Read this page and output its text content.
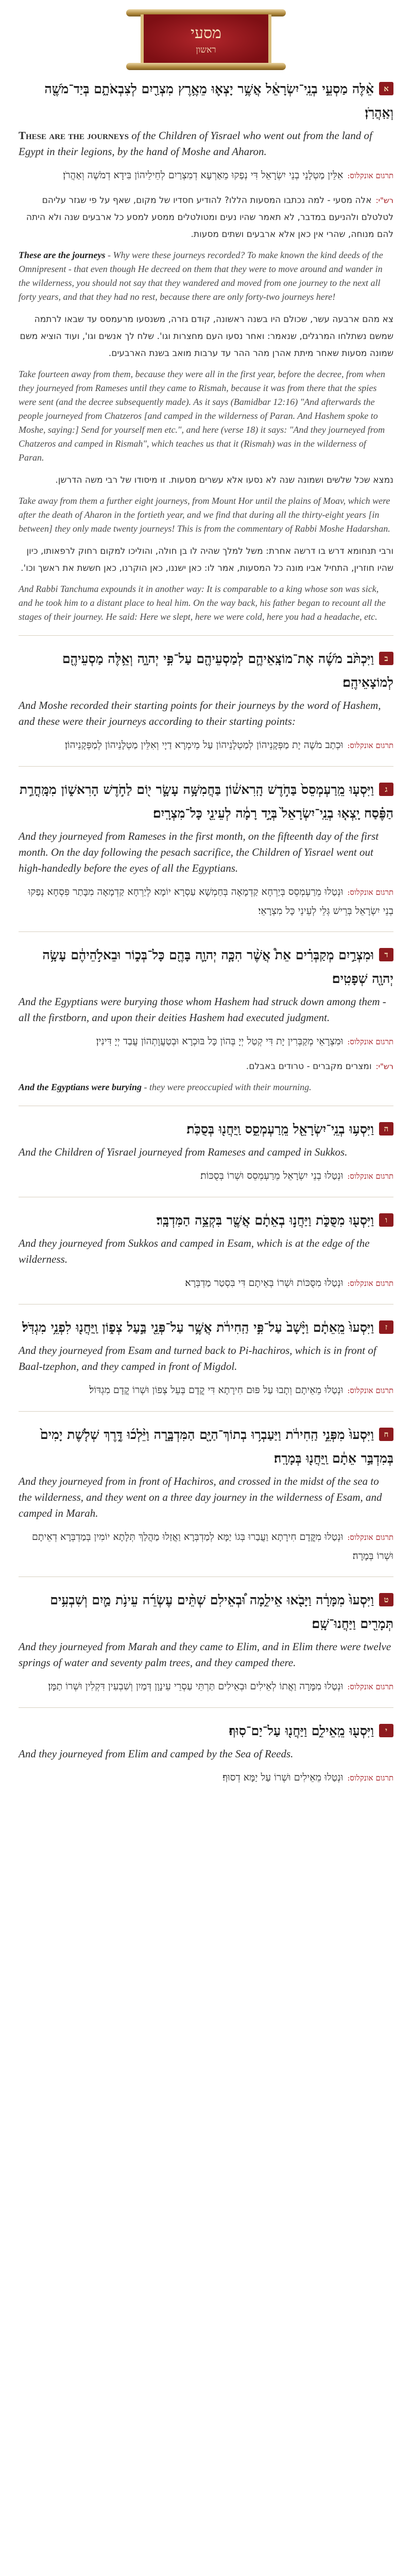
מסעי
ראשון

אאֵ֨לֶּה מַסְעֵ֣י בְנֵֽי־יִשְׂרָאֵ֔ל אֲשֶׁ֥ר יָצְא֛וּ מֵאֶ֥רֶץ מִצְרַ֖יִם לְצִבְאֹתָ֑ם בְּיַד־מֹשֶׁ֖ה וְאַֽהֲרֹֽן׃

These are the journeys of the Children of Yisrael who went out from the land of Egypt in their legions, by the hand of Moshe and Aharon.

תרגום אונקלוס:אִלֵּין מַטְלָנֵי בְנֵי יִשְׂרָאֵל דִּי נְפַקוּ מֵאַרְעָא דְמִצְרַיִם לְחֵילֵיהוֹן בִּידָא דְמֹשֶׁה וְאַהֲרֹן׃

רש"י:אלה מסעי - למה נכתבו המסעות הללו? להודיע חסדיו של מקום, שאף על פי שגזר עליהם לטלטלם ולהניעם במדבר, לא תאמר שהיו נעים ומטולטלים ממסע למסע כל ארבעים שנה ולא היתה להם מנוחה, שהרי אין כאן אלא ארבעים ושתים מסעות.

These are the journeys - Why were these journeys recorded? To make known the kind deeds of the Omnipresent - that even though He decreed on them that they were to move around and wander in the wilderness, you should not say that they wandered and moved from one journey to the next all forty years, and that they had no rest, because there are only forty-two journeys here!

צא מהם ארבעה עשר, שכולם היו בשנה ראשונה, קודם גזרה, משנסעו מרעמסס עד שבאו לרתמה שמשם נשתלחו המרגלים, שנאמר: ואחר נסעו העם מחצרות וגו'. שלח לך אנשים וגו', ועוד הוציא משם שמונה מסעות שאחר מיתת אהרן מהר ההר עד ערבות מואב בשנת הארבעים.

Take fourteen away from them, because they were all in the first year, before the decree, from when they journeyed from Rameses until they came to Rismah, because it was from there that the spies were sent (and the decree subsequently made). As it says (Bamidbar 12:16) "And afterwards the people journeyed from Chatzeros [and camped in the wilderness of Paran. And Hashem spoke to Moshe, saying:] Send for yourself men etc.", and here (verse 18) it says: "And they journeyed from Chatzeros and camped in Rismah", which teaches us that it (Rismah) was in the wilderness of Paran.

נמצא שכל שלשים ושמונה שנה לא נסעו אלא עשרים מסעות. זו מיסודו של רבי משה הדרשן.

Take away from them a further eight journeys, from Mount Hor until the plains of Moav, which were after the death of Aharon in the fortieth year, and we find that during all the thirty-eight years [in between] they only made twenty journeys! This is from the commentary of Rabbi Moshe Hadarshan.

ורבי תנחומא דרש בו דרשה אחרת: משל למלך שהיה לו בן חולה, והוליכו למקום רחוק לרפאותו, כיון שהיו חוזרין, התחיל אביו מונה כל המסעות, אמר לו: כאן ישננו, כאן הוקרנו, כאן חששת את ראשך וכו'.

And Rabbi Tanchuma expounds it in another way: It is comparable to a king whose son was sick, and he took him to a distant place to heal him. On the way back, his father began to recount all the stages of their journey. He said: Here we slept, here we were cold, here you had a headache, etc.

בוַיִּכְתֹּ֨ב מֹשֶׁ֜ה אֶת־מוֹצָֽאֵיהֶ֛ם לְמַסְעֵיהֶ֖ם עַל־פִּ֣י יְהוָ֑ה וְאֵ֥לֶּה מַסְעֵיהֶ֖ם לְמוֹצָאֵיהֶֽם׃

And Moshe recorded their starting points for their journeys by the word of Hashem, and these were their journeys according to their starting points:

תרגום אונקלוס:וּכְתַב מֹשֶׁה יָת מַפְּקָנֵיהוֹן לְמַטְלָנֵיהוֹן עַל מֵימְרָא דַיָי וְאִלֵּין מַטְלָנֵיהוֹן לְמַפְּקָנֵיהוֹן׃

גוַיִּסְע֤וּ מֵֽרַעְמְסֵס֙ בַּחֹ֣דֶשׁ הָֽרִאשׁ֔וֹן בַּחֲמִשָּׁ֥ה עָשָׂ֛ר י֖וֹם לַחֹ֣דֶשׁ הָרִאשׁ֑וֹן מִמָּֽחֳרַ֣ת הַפֶּ֗סַח יָֽצְא֤וּ בְנֵֽי־יִשְׂרָאֵל֙ בְּיָ֣ד רָמָ֔ה לְעֵינֵ֖י כָּל־מִצְרָֽיִם׃

And they journeyed from Rameses in the first month, on the fifteenth day of the first month. On the day following the pesach sacrifice, the Children of Yisrael went out high-handedly before the eyes of all the Egyptians.

תרגום אונקלוס:וּנְטַלוּ מֵרַעְמְסֵס בְּיַרְחָא קַדְמָאָה בְּחַמְשָׁא עַסְרָא יוֹמָא לְיַרְחָא קַדְמָאָה מִבָּתַר פִּסְחָא נְפַקוּ בְנֵי יִשְׂרָאֵל בְּרֵישׁ גְּלֵי לְעֵינֵי כָּל מִצְרָאֵי׃

דוּמִצְרַ֣יִם מְקַבְּרִ֗ים אֵת֩ אֲשֶׁ֨ר הִכָּ֧ה יְהוָ֛ה בָּהֶ֖ם כָּל־בְּכ֑וֹר וּבֵאלֹ֣הֵיהֶ֔ם עָשָׂ֥ה יְהוָ֖ה שְׁפָטִֽים׃

And the Egyptians were burying those whom Hashem had struck down among them - all the firstborn, and upon their deities Hashem had executed judgment.

תרגום אונקלוס:וּמִצְרָאֵי מְקַבְּרִין יָת דִּי קְטַל יְיָ בְּהוֹן כָּל בּוּכְרָא וּבְטַעֲוָתְהוֹן עֲבַד יְיָ דִּינִין׃

רש"י:ומצרים מקברים - טרודים באבלם.

And the Egyptians were burying - they were preoccupied with their mourning.

הוַיִּסְע֥וּ בְנֵֽי־יִשְׂרָאֵ֖ל מֵֽרַעְמְסֵ֑ס וַֽיַּחֲנ֖וּ בְּסֻכֹּֽת׃

And the Children of Yisrael journeyed from Rameses and camped in Sukkos.

תרגום אונקלוס:וּנְטַלוּ בְנֵי יִשְׂרָאֵל מֵרַעְמְסֵס וּשְׁרוֹ בְּסֻכּוֹת׃

ווַיִּסְע֖וּ מִסֻּכֹּ֑ת וַיַּחֲנ֣וּ בְאֵתָ֔ם אֲשֶׁ֖ר בִּקְצֵ֥ה הַמִּדְבָּֽר׃

And they journeyed from Sukkos and camped in Esam, which is at the edge of the wilderness.

תרגום אונקלוס:וּנְטַלוּ מִסֻּכּוֹת וּשְׁרוֹ בְּאֵיתָם דִּי בִּסְטַר מַדְבְּרָא׃

זוַיִּסְעוּ֙ מֵֽאֵתָ֔ם וַיָּ֨שָׁב֙ עַל־פִּ֣י הַֽחִירֹ֔ת אֲשֶׁ֥ר עַל־פְּנֵ֖י בַּ֣עַל צְפ֑וֹן וַֽיַּחֲנ֖וּ לִפְנֵ֥י מִגְדֹּֽל׃

And they journeyed from Esam and turned back to Pi-hachiros, which is in front of Baal-tzephon, and they camped in front of Migdol.

תרגום אונקלוס:וּנְטַלוּ מֵאֵיתָם וְתָבוּ עַל פּוּם חִירָתָא דִּי קֳדָם בְּעֵל צְפוֹן וּשְׁרוֹ קֳדָם מִגְדּוֹל׃

חוַיִּסְעוּ֙ מִפְּנֵ֣י הַֽחִירֹ֔ת וַיַּעַבְר֥וּ בְתוֹךְ־הַיָּ֖ם הַמִּדְבָּ֑רָה וַיֵּ֨לְכ֜וּ דֶּ֣רֶךְ שְׁלֹ֤שֶׁת יָמִים֙ בְּמִדְבַּ֣ר אֵתָ֔ם וַֽיַּחֲנ֖וּ בְּמָרָֽה׃

And they journeyed from in front of Hachiros, and crossed in the midst of the sea to the wilderness, and they went on a three day journey in the wilderness of Esam, and camped in Marah.

תרגום אונקלוס:וּנְטַלוּ מִקֳּדָם חִירָתָא וַעֲבַרוּ בְּגוֹ יַמָּא לְמַדְבְּרָא וַאֲזַלוּ מַהֲלַךְ תְּלָתָא יוֹמִין בְּמַדְבְּרָא דְאֵיתָם וּשְׁרוֹ בְּמָרָה׃

טוַיִּסְעוּ֙ מִמָּרָ֔ה וַיָּבֹ֖אוּ אֵילִ֑מָה וּ֠בְאֵילִם שְׁתֵּ֨ים עֶשְׂרֵ֜ה עֵינֹ֥ת מַ֛יִם וְשִׁבְעִ֥ים תְּמָרִ֖ים וַיַּחֲנוּ־שָֽׁם׃

And they journeyed from Marah and they came to Elim, and in Elim there were twelve springs of water and seventy palm trees, and they camped there.

תרגום אונקלוס:וּנְטַלוּ מִמָּרָה וַאֲתוֹ לְאֵילִים וּבְאֵילִים תַּרְתֵּי עַסְרֵי עֵינָוָן דְּמַיִן וְשִׁבְעִין דִּקְלִין וּשְׁרוֹ תַמָּן׃

יוַיִּסְע֖וּ מֵֽאֵילִ֑ם וַיַּחֲנ֖וּ עַל־יַם־סֽוּף׃

And they journeyed from Elim and camped by the Sea of Reeds.

תרגום אונקלוס:וּנְטַלוּ מֵאֵילִים וּשְׁרוֹ עַל יַמָּא דְסוּף׃
